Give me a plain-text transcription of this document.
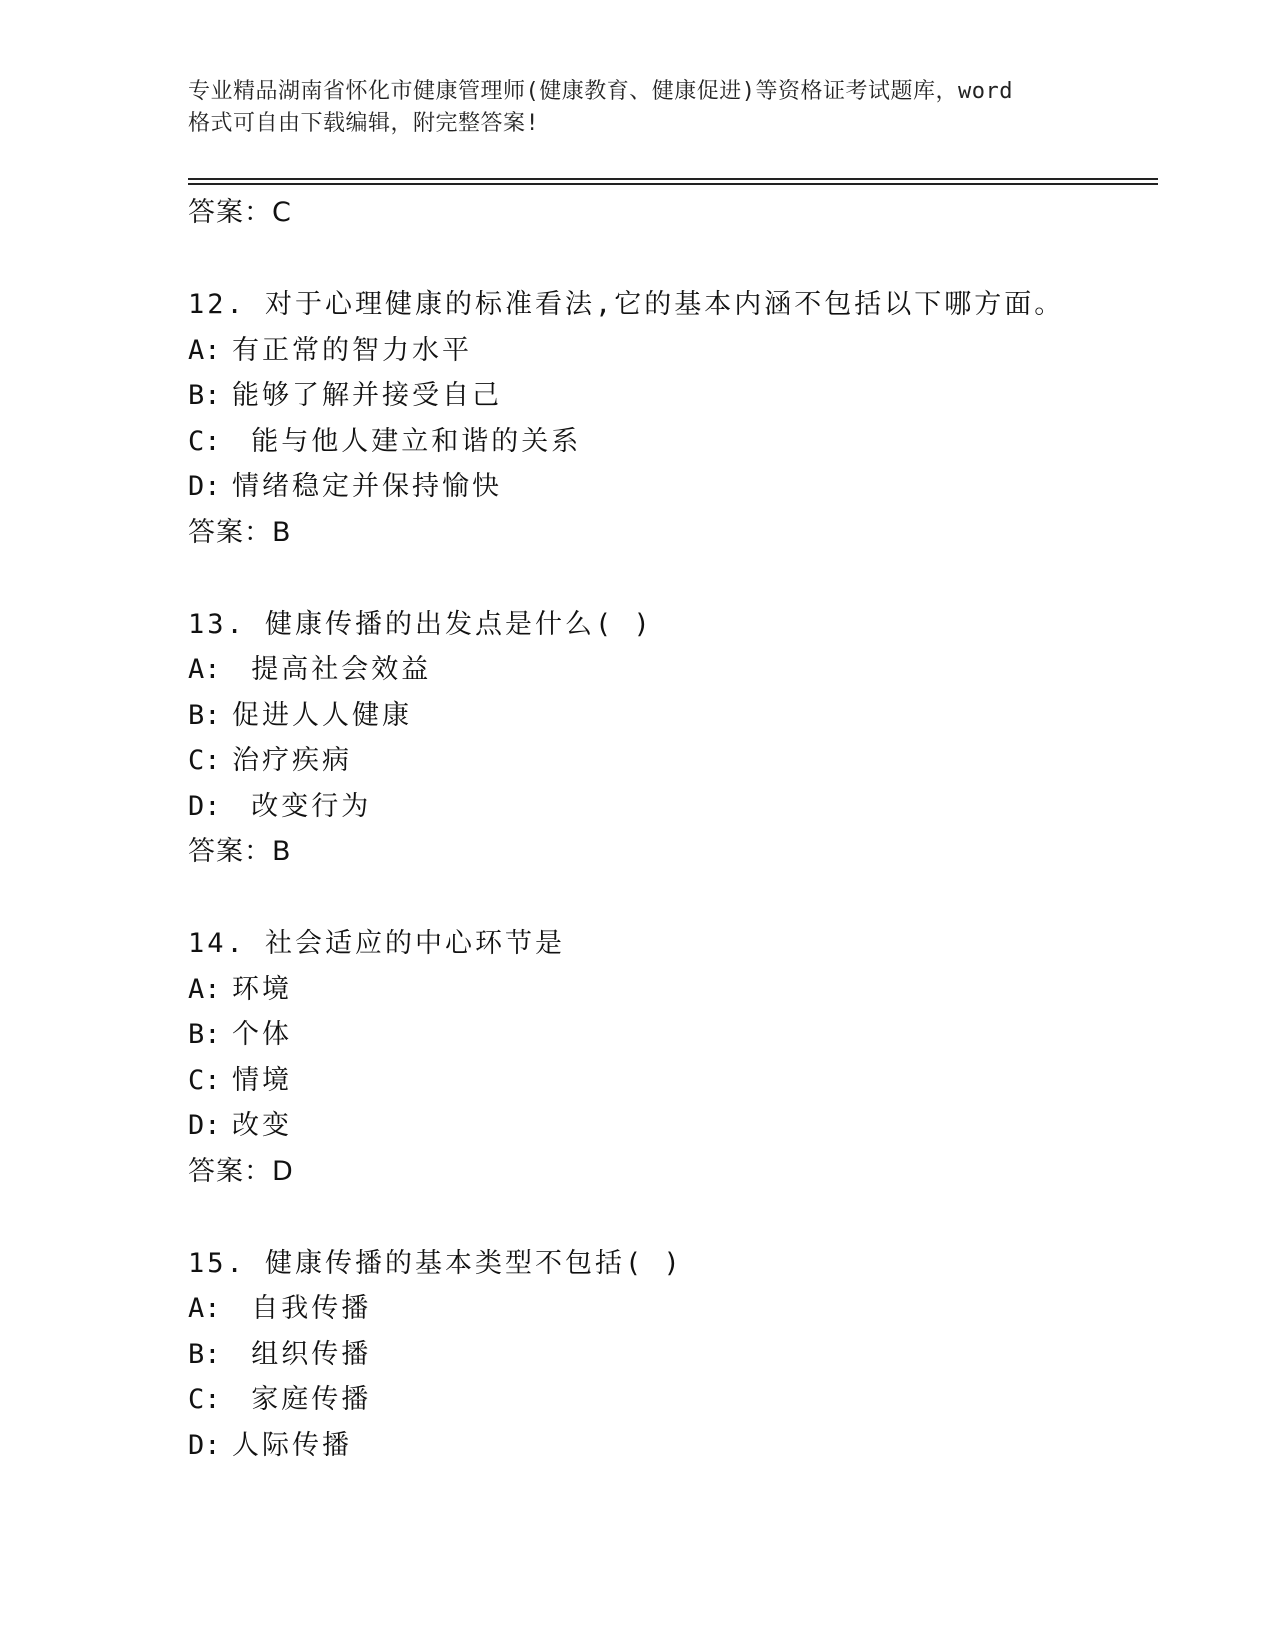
专业精品湖南省怀化市健康管理师(健康教育、健康促进)等资格证考试题库，word
格式可自由下载编辑，附完整答案!
答案：C
12. 对于心理健康的标准看法,它的基本内涵不包括以下哪方面。
A: 有正常的智力水平
B: 能够了解并接受自己
C: 能与他人建立和谐的关系
D: 情绪稳定并保持愉快
答案：B
13. 健康传播的出发点是什么( )
A: 提高社会效益
B: 促进人人健康
C: 治疗疾病
D: 改变行为
答案：B
14. 社会适应的中心环节是
A: 环境
B: 个体
C: 情境
D: 改变
答案：D
15. 健康传播的基本类型不包括( )
A: 自我传播
B: 组织传播
C: 家庭传播
D: 人际传播
